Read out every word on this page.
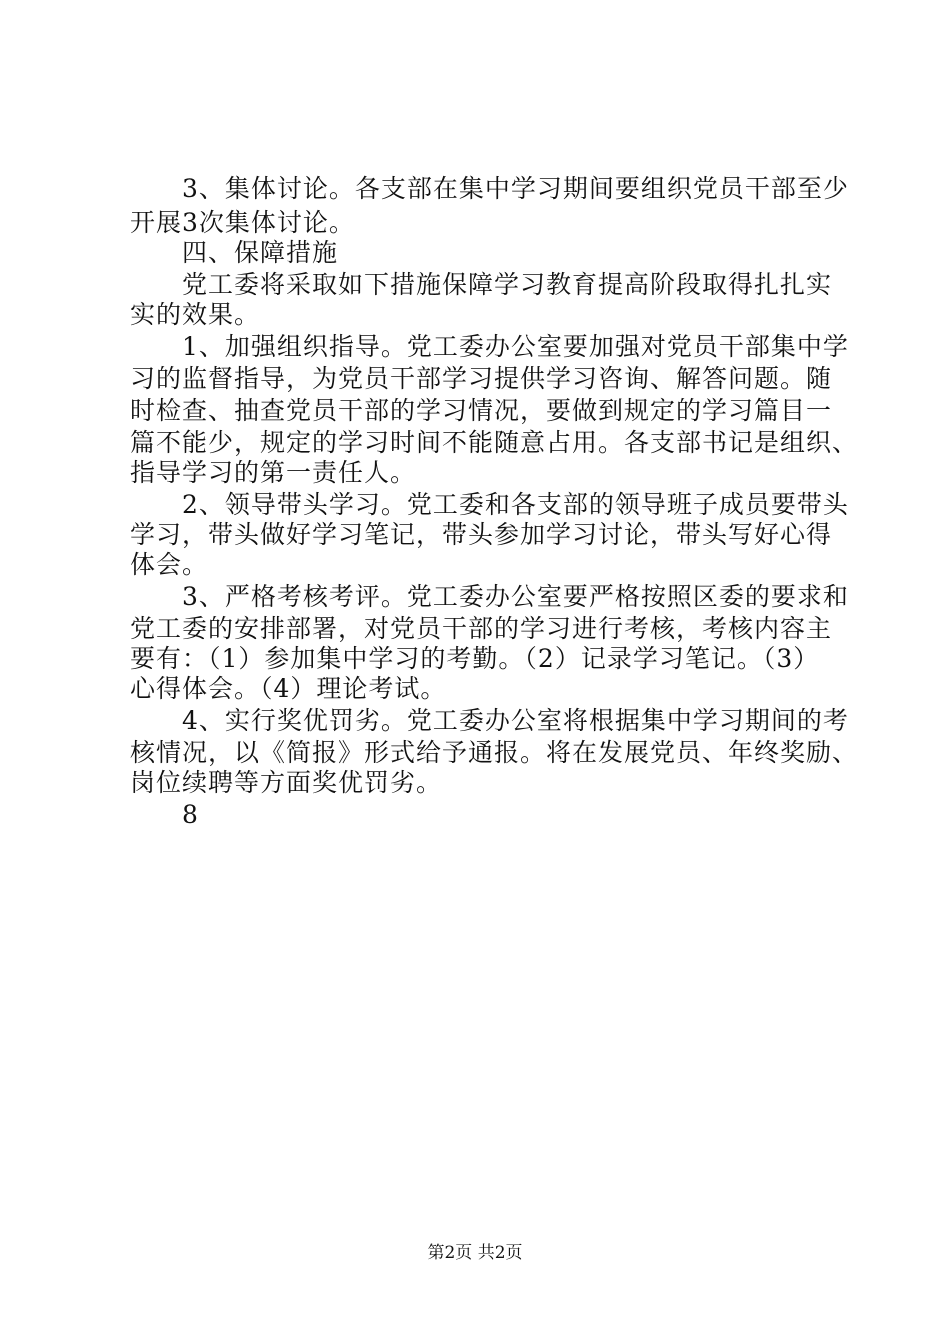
　　3、集体讨论。各支部在集中学习期间要组织党员干部至少
开展3次集体讨论。
　　四、保障措施
　　党工委将采取如下措施保障学习教育提高阶段取得扎扎实
实的效果。
　　1、加强组织指导。党工委办公室要加强对党员干部集中学
习的监督指导，为党员干部学习提供学习咨询、解答问题。随
时检查、抽查党员干部的学习情况，要做到规定的学习篇目一
篇不能少，规定的学习时间不能随意占用。各支部书记是组织、
指导学习的第一责任人。
　　2、领导带头学习。党工委和各支部的领导班子成员要带头
学习，带头做好学习笔记，带头参加学习讨论，带头写好心得
体会。
　　3、严格考核考评。党工委办公室要严格按照区委的要求和
党工委的安排部署，对党员干部的学习进行考核，考核内容主
要有：（1）参加集中学习的考勤。（2）记录学习笔记。（3）
心得体会。（4）理论考试。
　　4、实行奖优罚劣。党工委办公室将根据集中学习期间的考
核情况，以《简报》形式给予通报。将在发展党员、年终奖励、
岗位续聘等方面奖优罚劣。
　　8
第2页 共2页
